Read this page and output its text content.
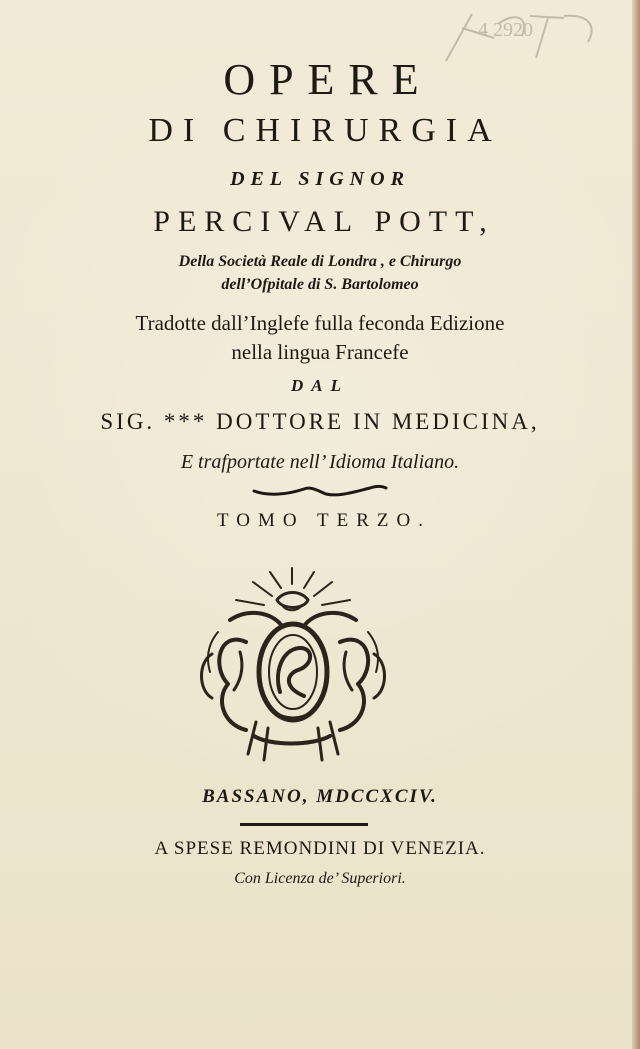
4 2920
OPERE
DI CHIRURGIA
DEL SIGNOR
PERCIVAL POTT,
Della Società Reale di Londra , e Chirurgo
dell’Ofpitale di S. Bartolomeo
Tradotte dall’Inglefe fulla feconda Edizione
nella lingua Francefe
DAL
SIG. *** DOTTORE IN MEDICINA,
E trafportate nell’ Idioma Italiano.
TOMO TERZO.
BASSANO, MDCCXCIV.
A SPESE REMONDINI DI VENEZIA.
Con Licenza de’ Superiori.
